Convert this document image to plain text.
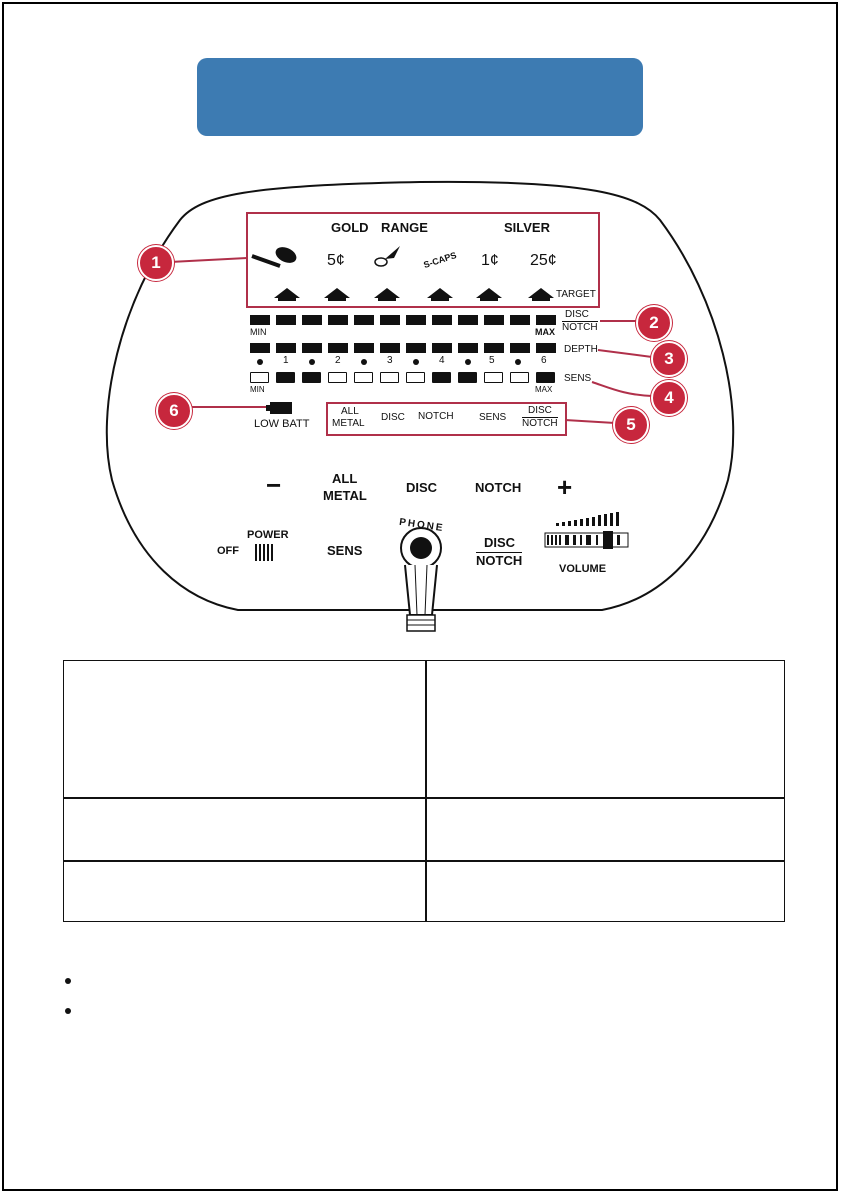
GOLD RANGE	SILVER
5¢	S-CAPS 1¢ 25¢
TARGET
MIN	MAX
DISC
NOTCH
1	2	3	4	5	6
DEPTH
MIN	MAX
SENS
LOW BATT
ALL
METAL
DISC NOTCH	SENS
DISC
NOTCH
1
2
3
4
5
6
−	ALL
METAL
DISC	NOTCH +
POWER
OFF	SENS
PHONE
DISC
NOTCH
VOLUME
